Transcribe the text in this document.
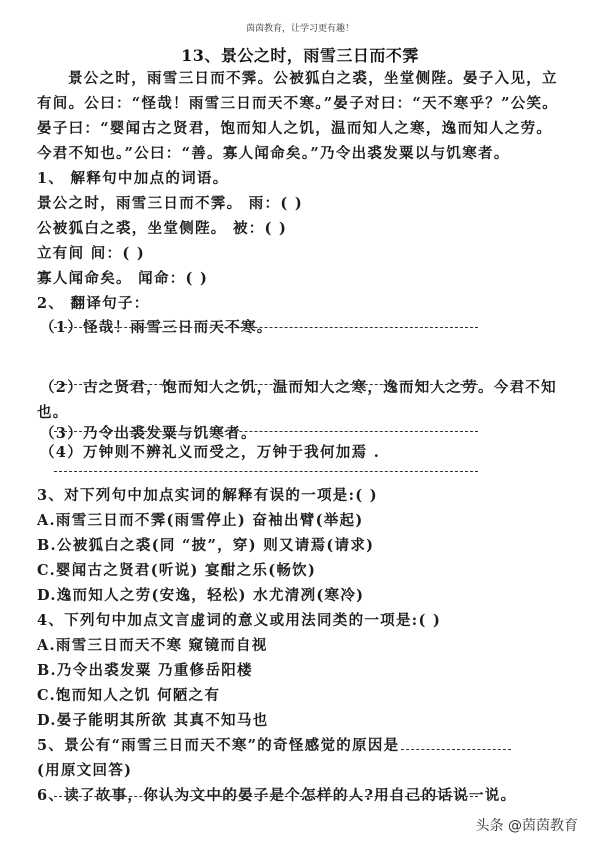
茵茵教育，让学习更有趣！
13、景公之时，雨雪三日而不霁
景公之时，雨雪三日而不霁。公被狐白之裘，坐堂侧陛。晏子入见，立
有间。公曰：“怪哉！雨雪三日而天不寒。”晏子对曰：“天不寒乎？”公笑。
晏子曰：“婴闻古之贤君，饱而知人之饥，温而知人之寒，逸而知人之劳。
今君不知也。”公曰：“善。寡人闻命矣。”乃令出裘发粟以与饥寒者。
1、 解释句中加点的词语。
景公之时，雨雪三日而不霁。 雨：( )
公被狐白之裘，坐堂侧陛。 被：( )
立有间 间：( )
寡人闻命矣。 闻命：( )
2、 翻译句子：
（1）怪哉！雨雪三日而天不寒。
（2）古之贤君，饱而知人之饥，温而知人之寒，逸而知人之劳。今君不知
也。
（3）乃令出裘发粟与饥寒者。
（4）万钟则不辨礼义而受之，万钟于我何加焉 .
3、对下列句中加点实词的解释有误的一项是:( )
A.雨雪三日而不霁(雨雪停止) 奋袖出臂(举起)
B.公被狐白之裘(同 “披”，穿) 则又请焉(请求)
C.婴闻古之贤君(听说) 宴酣之乐(畅饮)
D.逸而知人之劳(安逸，轻松) 水尤清冽(寒冷)
4、下列句中加点文言虚词的意义或用法同类的一项是:( )
A.雨雪三日而天不寒 窥镜而自视
B.乃令出裘发粟 乃重修岳阳楼
C.饱而知人之饥 何陋之有
D.晏子能明其所欲 其真不知马也
5、景公有“雨雪三日而天不寒”的奇怪感觉的原因是
(用原文回答)
6、读了故事，你认为文中的晏子是个怎样的人?用自己的话说一说。
头条 @茵茵教育
